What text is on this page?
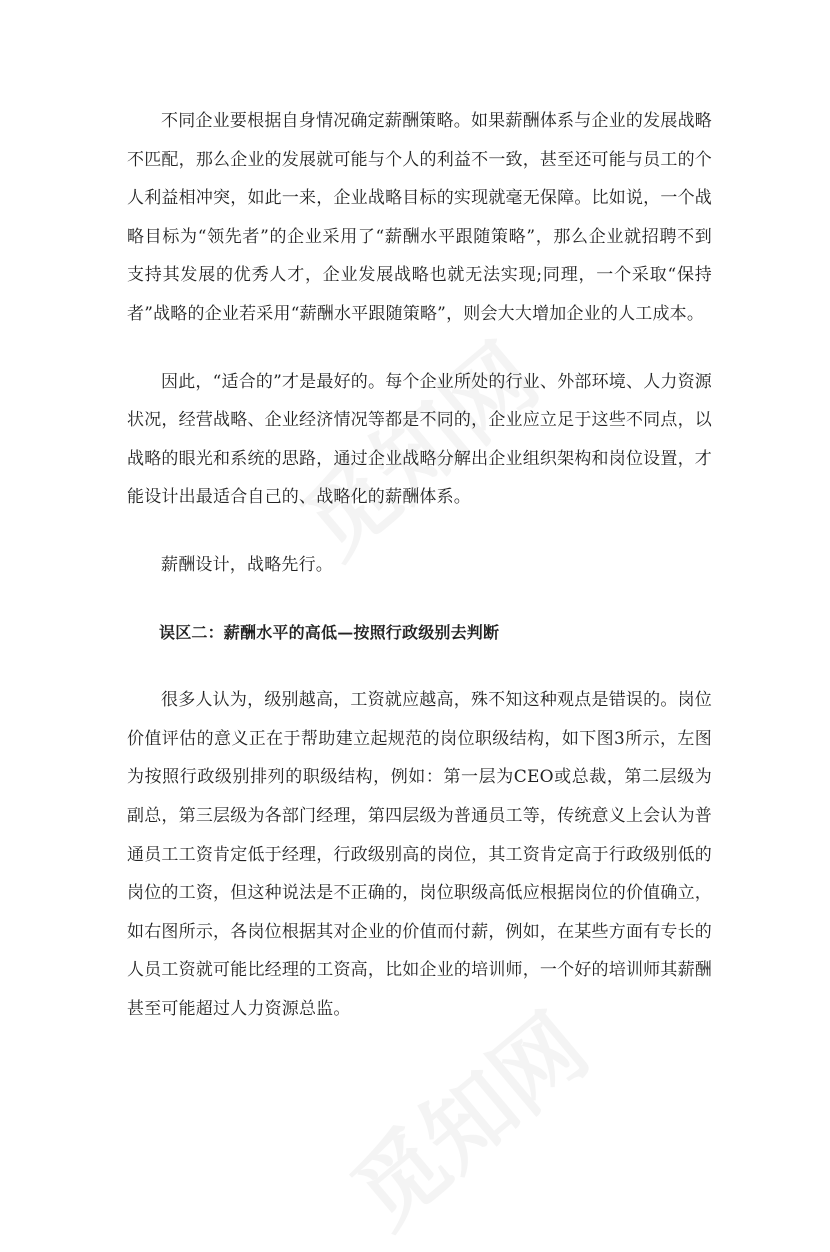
不同企业要根据自身情况确定薪酬策略。如果薪酬体系与企业的发展战略不匹配，那么企业的发展就可能与个人的利益不一致，甚至还可能与员工的个人利益相冲突，如此一来，企业战略目标的实现就毫无保障。比如说，一个战略目标为“领先者”的企业采用了“薪酬水平跟随策略”，那么企业就招聘不到支持其发展的优秀人才，企业发展战略也就无法实现;同理，一个采取“保持者”战略的企业若采用“薪酬水平跟随策略”，则会大大增加企业的人工成本。

因此，“适合的”才是最好的。每个企业所处的行业、外部环境、人力资源状况，经营战略、企业经济情况等都是不同的，企业应立足于这些不同点，以战略的眼光和系统的思路，通过企业战略分解出企业组织架构和岗位设置，才能设计出最适合自己的、战略化的薪酬体系。

薪酬设计，战略先行。

误区二：薪酬水平的高低—按照行政级别去判断

很多人认为，级别越高，工资就应越高，殊不知这种观点是错误的。岗位价值评估的意义正在于帮助建立起规范的岗位职级结构，如下图3所示，左图为按照行政级别排列的职级结构，例如：第一层为CEO或总裁，第二层级为副总，第三层级为各部门经理，第四层级为普通员工等，传统意义上会认为普通员工工资肯定低于经理，行政级别高的岗位，其工资肯定高于行政级别低的岗位的工资，但这种说法是不正确的，岗位职级高低应根据岗位的价值确立，如右图所示，各岗位根据其对企业的价值而付薪，例如，在某些方面有专长的人员工资就可能比经理的工资高，比如企业的培训师，一个好的培训师其薪酬甚至可能超过人力资源总监。
